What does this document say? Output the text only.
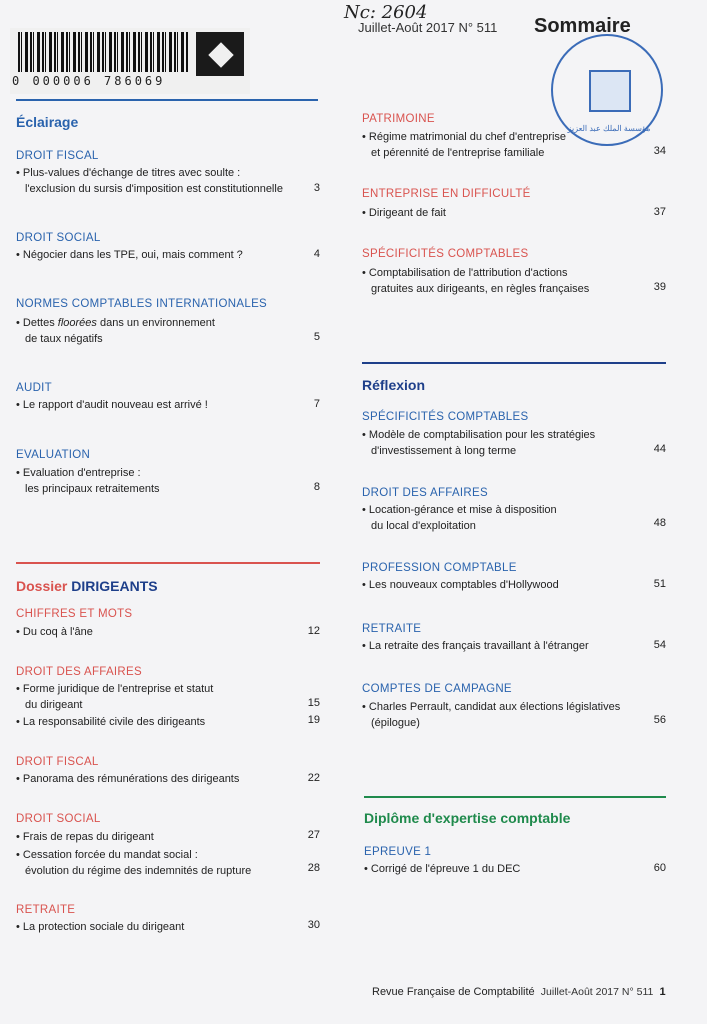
0 000006 786069
Nc: 2604
Juillet-Août 2017 N° 511 Sommaire
مؤسسة الملك عبد العزيز
Éclairage
DROIT FISCAL
• Plus-values d'échange de titres avec soulte :
l'exclusion du sursis d'imposition est constitutionnelle	3
DROIT SOCIAL
• Négocier dans les TPE, oui, mais comment ?	4
NORMES COMPTABLES INTERNATIONALES
• Dettes floorées dans un environnement
de taux négatifs	5
AUDIT
• Le rapport d'audit nouveau est arrivé !	7
EVALUATION
• Evaluation d'entreprise :
les principaux retraitements	8
Dossier DIRIGEANTS
CHIFFRES ET MOTS
• Du coq à l'âne	12
DROIT DES AFFAIRES
• Forme juridique de l'entreprise et statut
du dirigeant	15
• La responsabilité civile des dirigeants	19
DROIT FISCAL
• Panorama des rémunérations des dirigeants	22
DROIT SOCIAL
• Frais de repas du dirigeant	27
• Cessation forcée du mandat social :
évolution du régime des indemnités de rupture	28
RETRAITE
• La protection sociale du dirigeant	30
PATRIMOINE
• Régime matrimonial du chef d'entreprise
et pérennité de l'entreprise familiale	34
ENTREPRISE EN DIFFICULTÉ
• Dirigeant de fait	37
SPÉCIFICITÉS COMPTABLES
• Comptabilisation de l'attribution d'actions
gratuites aux dirigeants, en règles françaises	39
Réflexion
SPÉCIFICITÉS COMPTABLES
• Modèle de comptabilisation pour les stratégies
d'investissement à long terme	44
DROIT DES AFFAIRES
• Location-gérance et mise à disposition
du local d'exploitation	48
PROFESSION COMPTABLE
• Les nouveaux comptables d'Hollywood	51
RETRAITE
• La retraite des français travaillant à l'étranger	54
COMPTES DE CAMPAGNE
• Charles Perrault, candidat aux élections législatives
(épilogue)	56
Diplôme d'expertise comptable
EPREUVE 1
• Corrigé de l'épreuve 1 du DEC	60
Revue Française de Comptabilité Juillet-Août 2017 N° 511 1
